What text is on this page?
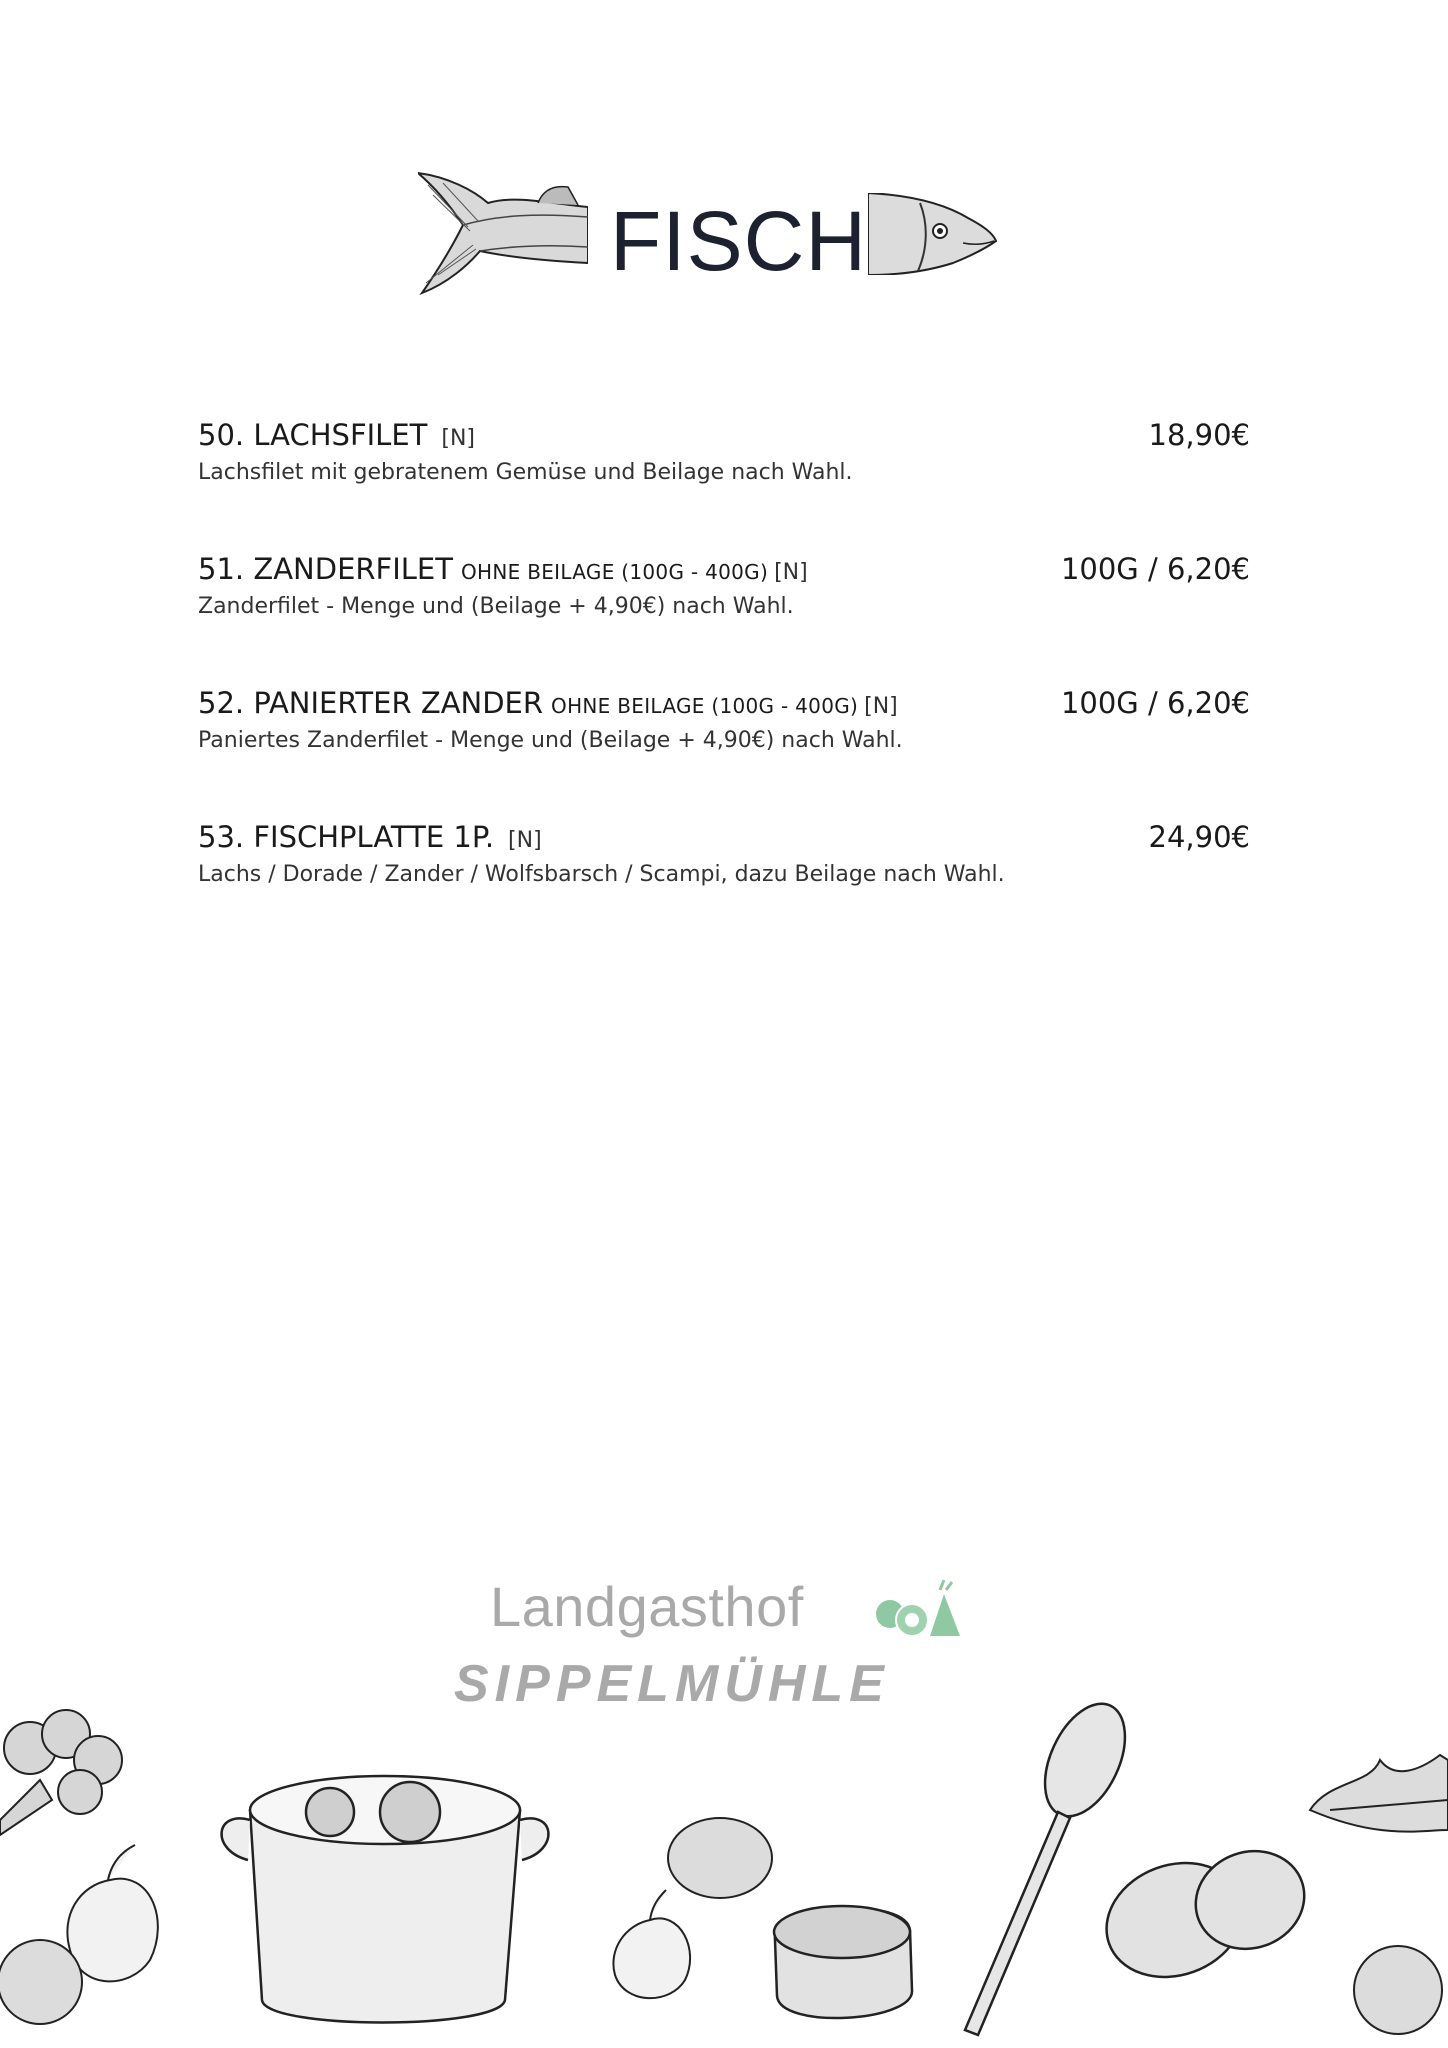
FISCH
50. LACHSFILET [N]	18,90€
Lachsfilet mit gebratenem Gemüse und Beilage nach Wahl.
51. ZANDERFILET OHNE BEILAGE (100G - 400G) [N]	100G / 6,20€
Zanderfilet - Menge und (Beilage + 4,90€) nach Wahl.
52. PANIERTER ZANDER OHNE BEILAGE (100G - 400G) [N]	100G / 6,20€
Paniertes Zanderfilet - Menge und (Beilage + 4,90€) nach Wahl.
53. FISCHPLATTE 1P. [N]	24,90€
Lachs / Dorade / Zander / Wolfsbarsch / Scampi, dazu Beilage nach Wahl.
Landgasthof
SIPPELMÜHLE
